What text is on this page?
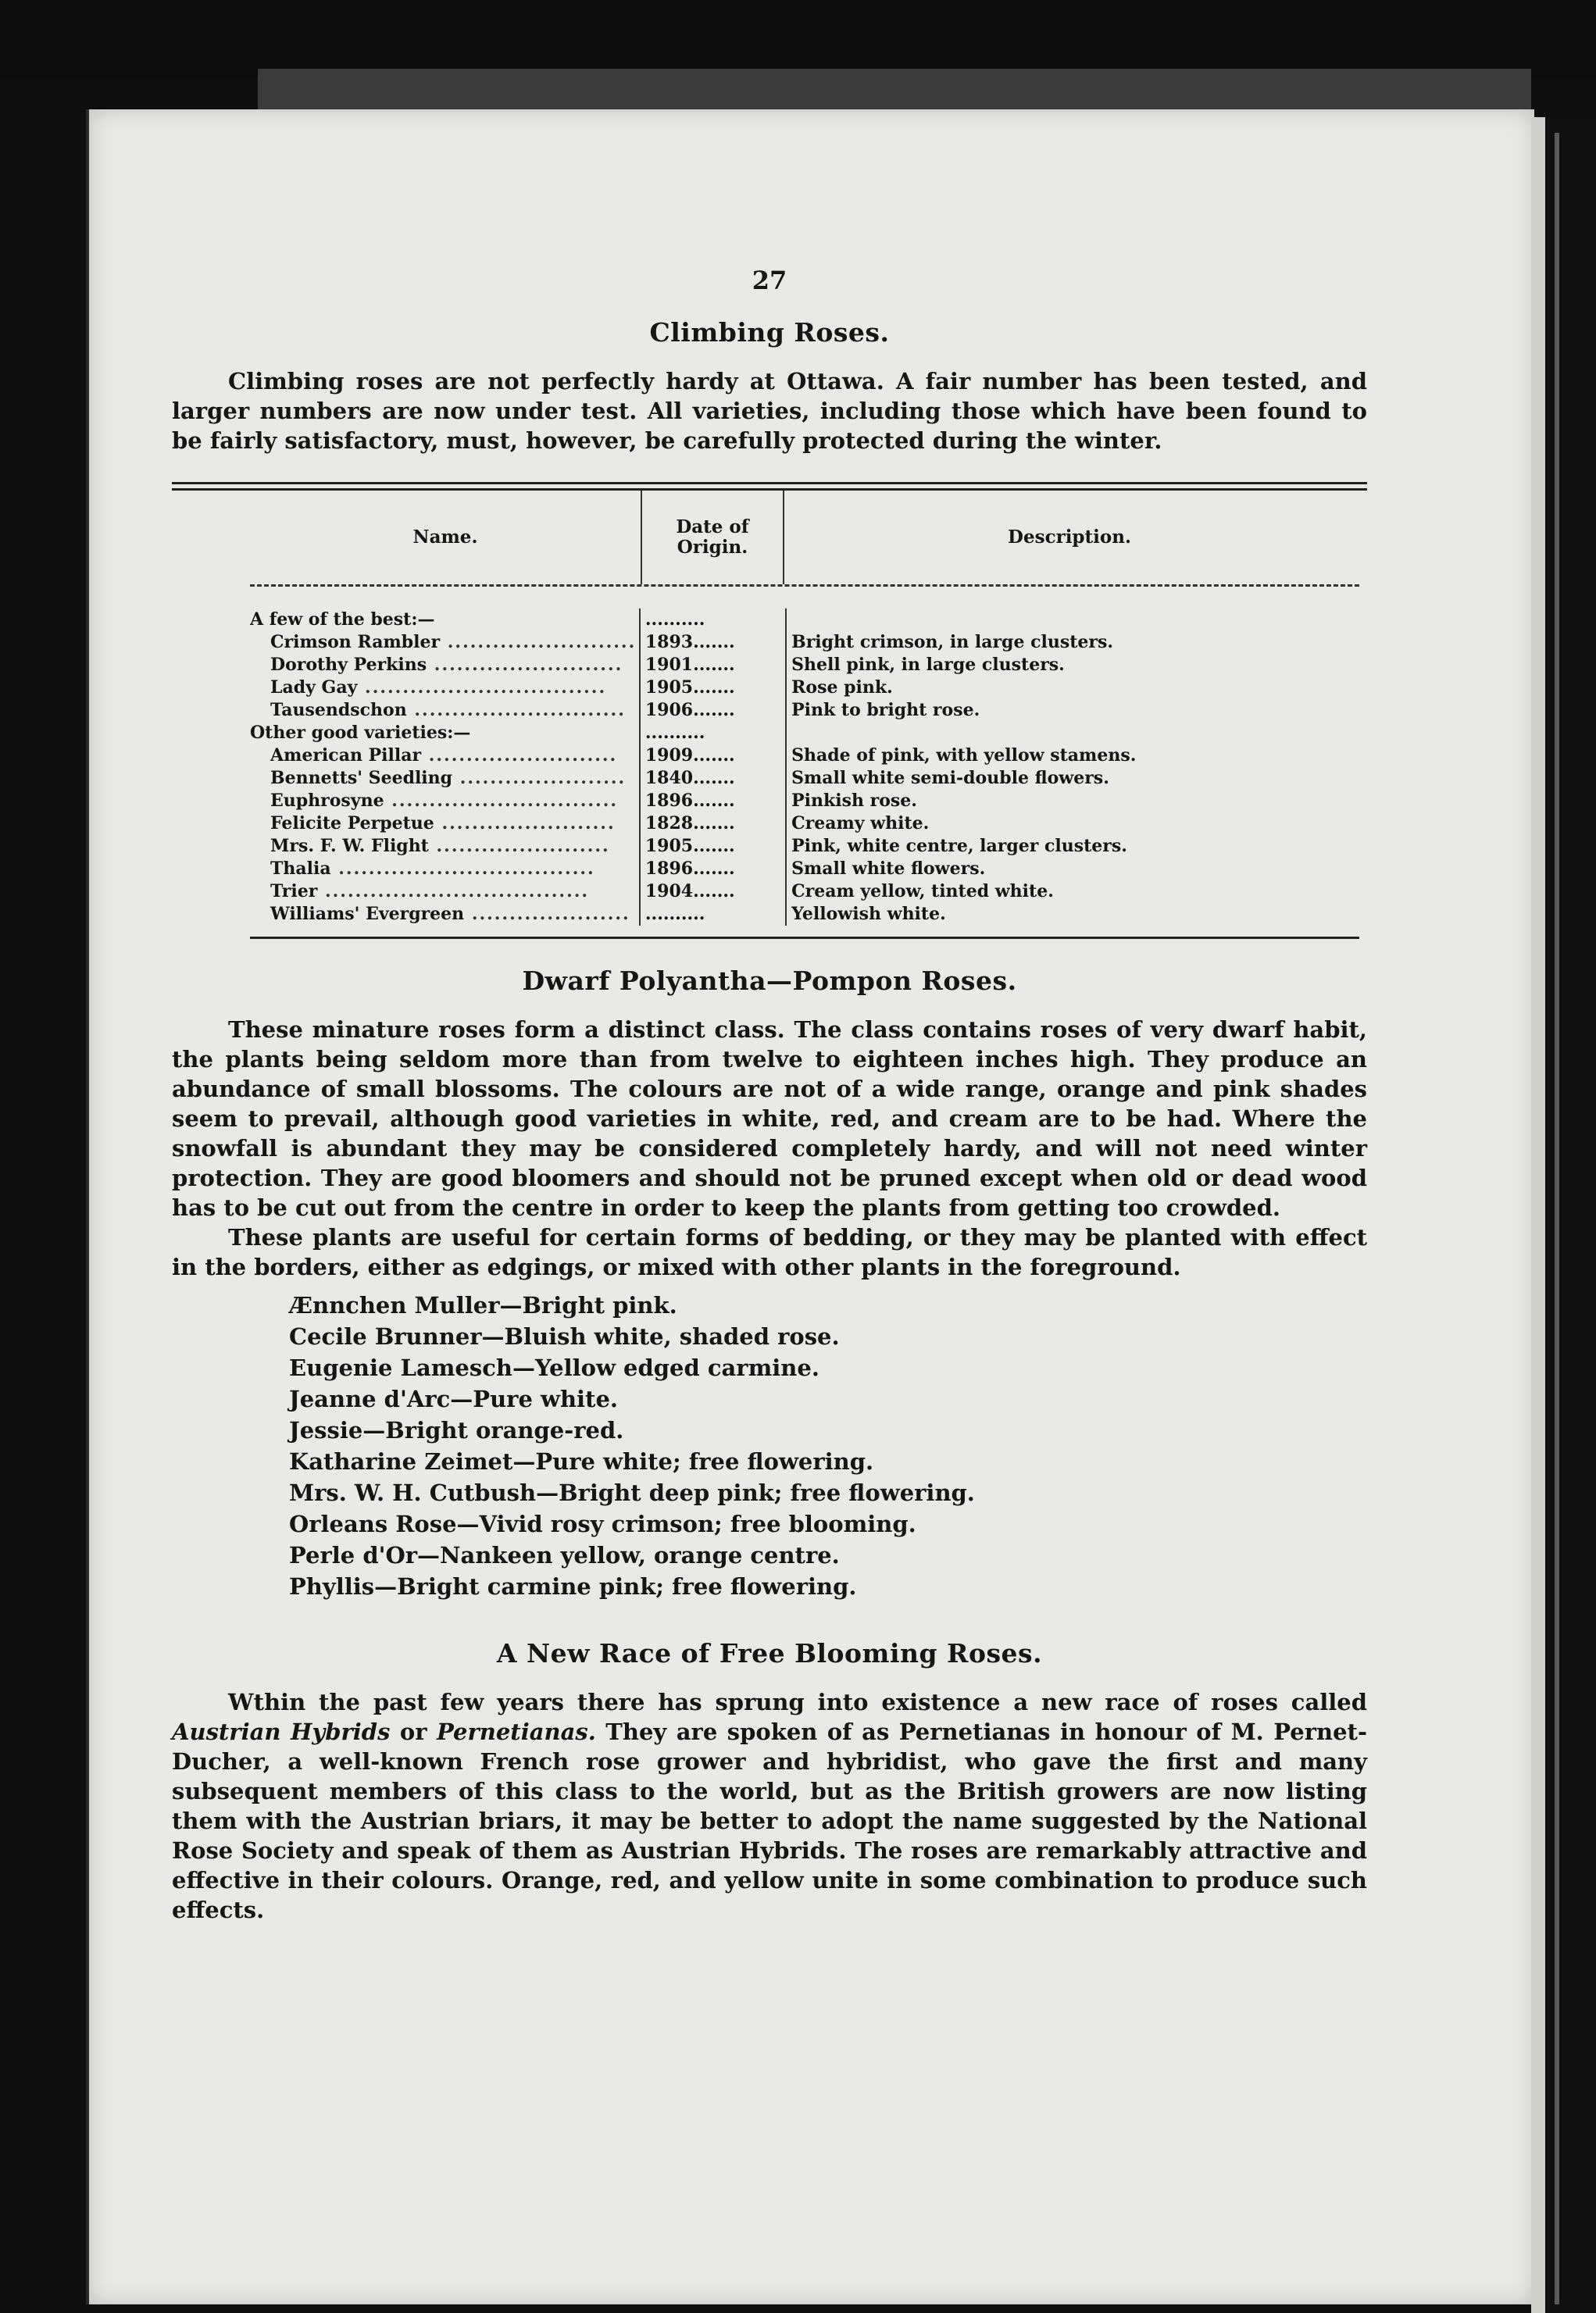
27
Climbing Roses.

Climbing roses are not perfectly hardy at Ottawa. A fair number has been tested, and larger numbers are now under test. All varieties, including those which have been found to be fairly satisfactory, must, however, be carefully protected during the winter.

Name.	Date of Origin.	Description.
A few of the best:—
Crimson Rambler .........................
Dorothy Perkins .........................
Lady Gay ................................
Tausendschon ............................
Other good varieties:—
American Pillar .........................
Bennetts' Seedling ......................
Euphrosyne ..............................
Felicite Perpetue .......................
Mrs. F. W. Flight .......................
Thalia ..................................
Trier ...................................
Williams' Evergreen .....................
..........
1893.......
1901.......
1905.......
1906.......
..........
1909.......
1840.......
1896.......
1828.......
1905.......
1896.......
1904.......
..........
Bright crimson, in large clusters.
Shell pink, in large clusters.
Rose pink.
Pink to bright rose.
Shade of pink, with yellow stamens.
Small white semi-double flowers.
Pinkish rose.
Creamy white.
Pink, white centre, larger clusters.
Small white flowers.
Cream yellow, tinted white.
Yellowish white.
Dwarf Polyantha—Pompon Roses.

These minature roses form a distinct class. The class contains roses of very dwarf habit, the plants being seldom more than from twelve to eighteen inches high. They produce an abundance of small blossoms. The colours are not of a wide range, orange and pink shades seem to prevail, although good varieties in white, red, and cream are to be had. Where the snowfall is abundant they may be considered completely hardy, and will not need winter protection. They are good bloomers and should not be pruned except when old or dead wood has to be cut out from the centre in order to keep the plants from getting too crowded.

These plants are useful for certain forms of bedding, or they may be planted with effect in the borders, either as edgings, or mixed with other plants in the foreground.

Ænnchen Muller—Bright pink.
Cecile Brunner—Bluish white, shaded rose.
Eugenie Lamesch—Yellow edged carmine.
Jeanne d'Arc—Pure white.
Jessie—Bright orange-red.
Katharine Zeimet—Pure white; free flowering.
Mrs. W. H. Cutbush—Bright deep pink; free flowering.
Orleans Rose—Vivid rosy crimson; free blooming.
Perle d'Or—Nankeen yellow, orange centre.
Phyllis—Bright carmine pink; free flowering.
A New Race of Free Blooming Roses.

Wthin the past few years there has sprung into existence a new race of roses called Austrian Hybrids or Pernetianas. They are spoken of as Pernetianas in honour of M. Pernet-Ducher, a well-known French rose grower and hybridist, who gave the first and many subsequent members of this class to the world, but as the British growers are now listing them with the Austrian briars, it may be better to adopt the name suggested by the National Rose Society and speak of them as Austrian Hybrids. The roses are remarkably attractive and effective in their colours. Orange, red, and yellow unite in some combination to produce such effects.
